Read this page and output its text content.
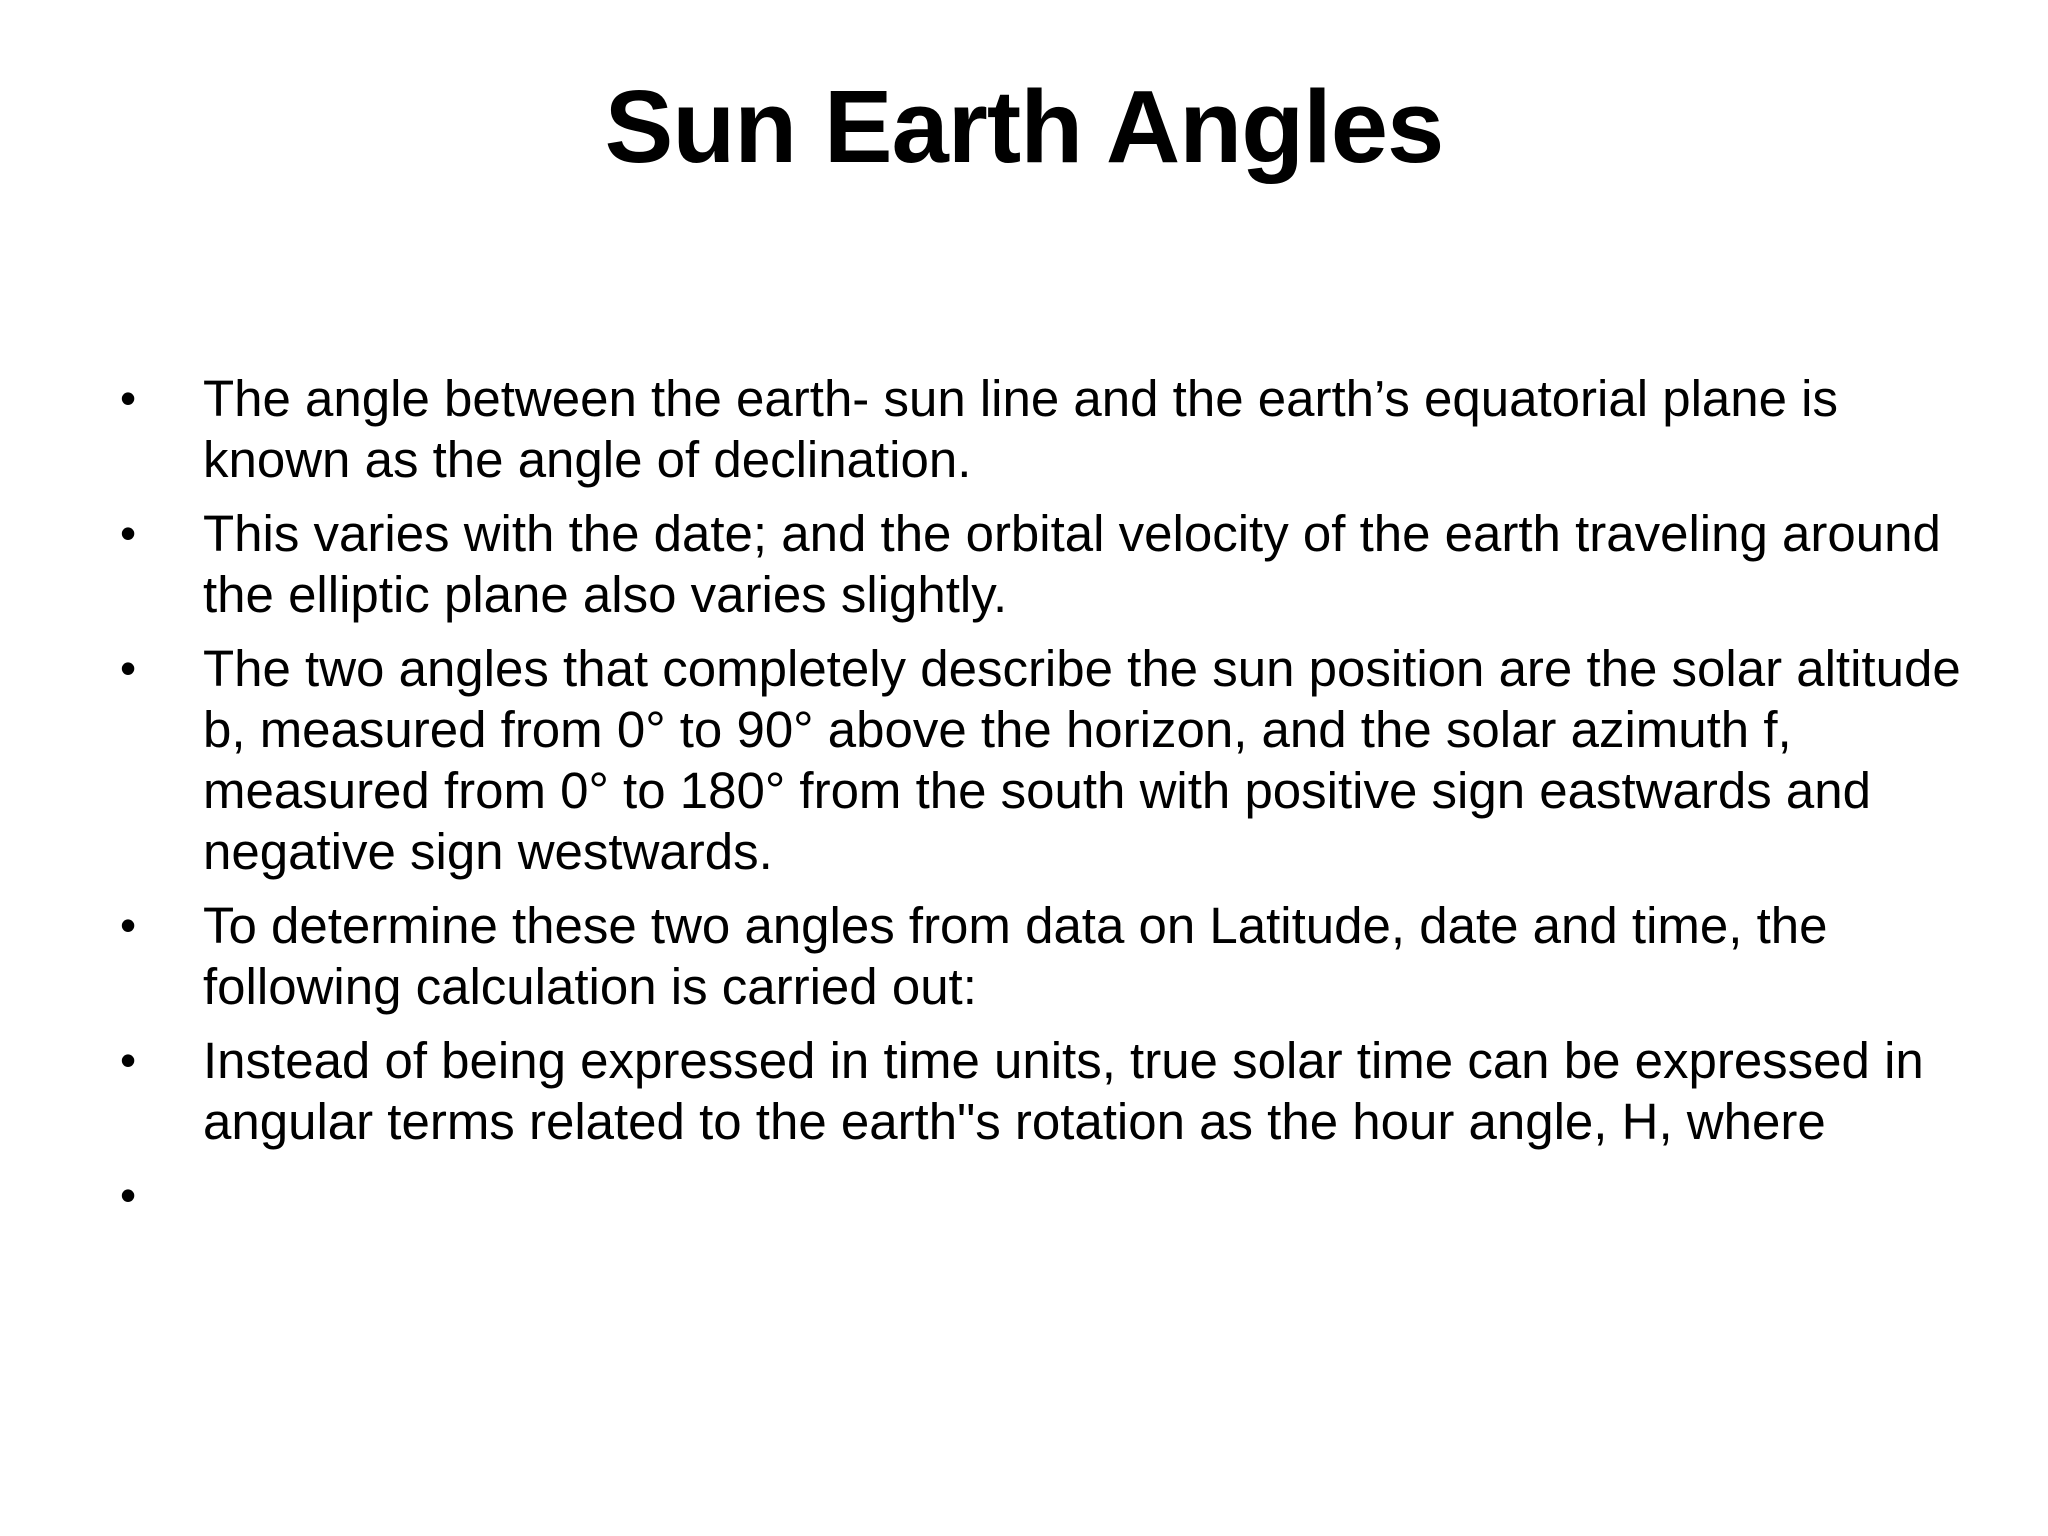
Sun Earth Angles
•	The angle between the earth- sun line and the earth’s equatorial plane is known as the angle of declination.
•	This varies with the date; and the orbital velocity of the earth traveling around the elliptic plane also varies slightly.
•	The two angles that completely describe the sun position are the solar altitude b, measured from 0° to 90° above the horizon, and the solar azimuth f, measured from 0° to 180° from the south with positive sign eastwards and negative sign westwards.
•	To determine these two angles from data on Latitude, date and time, the following calculation is carried out:
•	Instead of being expressed in time units, true solar time can be expressed in angular terms related to the earth"s rotation as the hour angle, H, where
•
